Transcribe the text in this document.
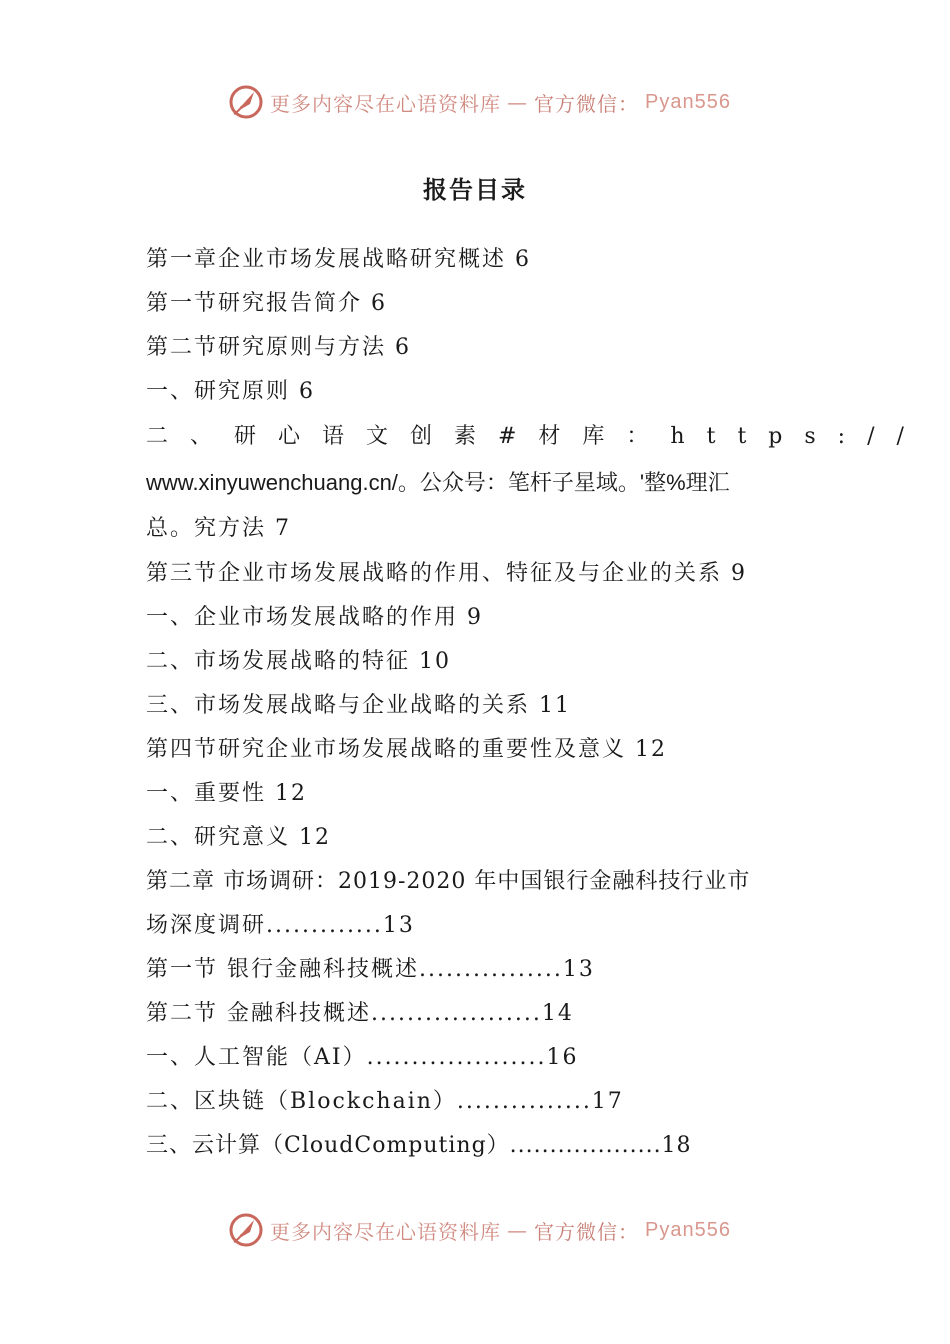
更多内容尽在心语资料库 — 官方微信： Pyan556
报告目录
第一章企业市场发展战略研究概述 6
第一节研究报告简介 6
第二节研究原则与方法 6
一、研究原则 6
二、研心语文创素#材库：https://
www.xinyuwenchuang.cn/。公众号：笔杆子星域。'整%理汇
总。究方法 7
第三节企业市场发展战略的作用、特征及与企业的关系 9
一、企业市场发展战略的作用 9
二、市场发展战略的特征 10
三、市场发展战略与企业战略的关系 11
第四节研究企业市场发展战略的重要性及意义 12
一、重要性 12
二、研究意义 12
第二章 市场调研：2019-2020 年中国银行金融科技行业市
场深度调研.............13
第一节 银行金融科技概述................13
第二节 金融科技概述...................14
一、人工智能（AI）....................16
二、区块链（Blockchain）...............17
三、云计算（CloudComputing）...................18
更多内容尽在心语资料库 — 官方微信： Pyan556
